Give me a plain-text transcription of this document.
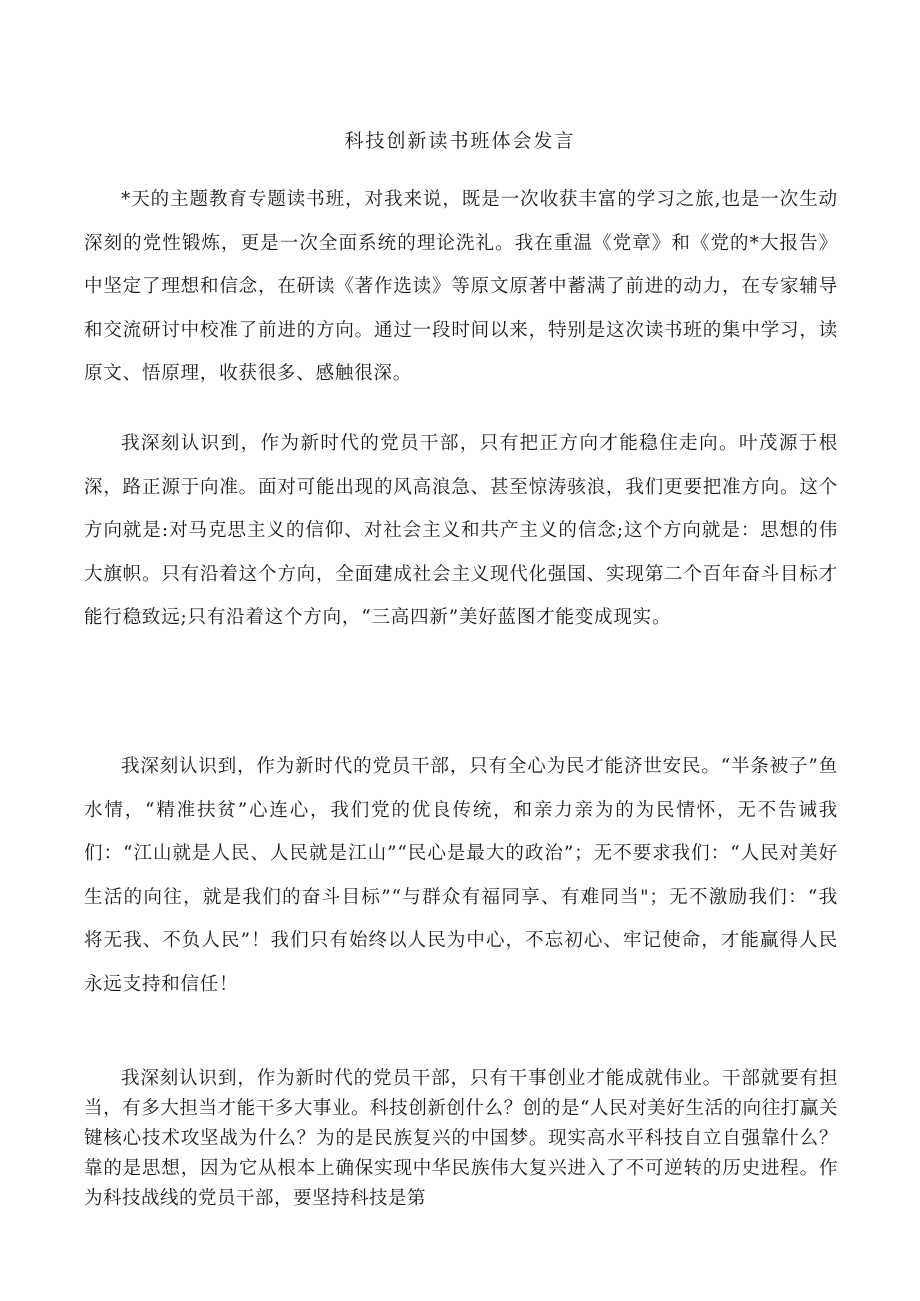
科技创新读书班体会发言

*天的主题教育专题读书班，对我来说，既是一次收获丰富的学习之旅,也是一次生动深刻的党性锻炼，更是一次全面系统的理论洗礼。我在重温《党章》和《党的*大报告》中坚定了理想和信念，在研读《著作选读》等原文原著中蓄满了前进的动力，在专家辅导和交流研讨中校准了前进的方向。通过一段时间以来，特别是这次读书班的集中学习，读原文、悟原理，收获很多、感触很深。

我深刻认识到，作为新时代的党员干部，只有把正方向才能稳住走向。叶茂源于根深，路正源于向准。面对可能出现的风高浪急、甚至惊涛骇浪，我们更要把准方向。这个方向就是:对马克思主义的信仰、对社会主义和共产主义的信念;这个方向就是：思想的伟大旗帜。只有沿着这个方向，全面建成社会主义现代化强国、实现第二个百年奋斗目标才能行稳致远;只有沿着这个方向，“三高四新”美好蓝图才能变成现实。

我深刻认识到，作为新时代的党员干部，只有全心为民才能济世安民。“半条被子”鱼水情，“精准扶贫”心连心，我们党的优良传统，和亲力亲为的为民情怀，无不告诫我们：“江山就是人民、人民就是江山”“民心是最大的政治”；无不要求我们：“人民对美好生活的向往，就是我们的奋斗目标”“与群众有福同享、有难同当"；无不激励我们：“我将无我、不负人民”！我们只有始终以人民为中心，不忘初心、牢记使命，才能赢得人民永远支持和信任！

我深刻认识到，作为新时代的党员干部，只有干事创业才能成就伟业。干部就要有担当，有多大担当才能干多大事业。科技创新创什么？创的是“人民对美好生活的向往打赢关键核心技术攻坚战为什么？为的是民族复兴的中国梦。现实高水平科技自立自强靠什么？靠的是思想，因为它从根本上确保实现中华民族伟大复兴进入了不可逆转的历史进程。作为科技战线的党员干部，要坚持科技是第
